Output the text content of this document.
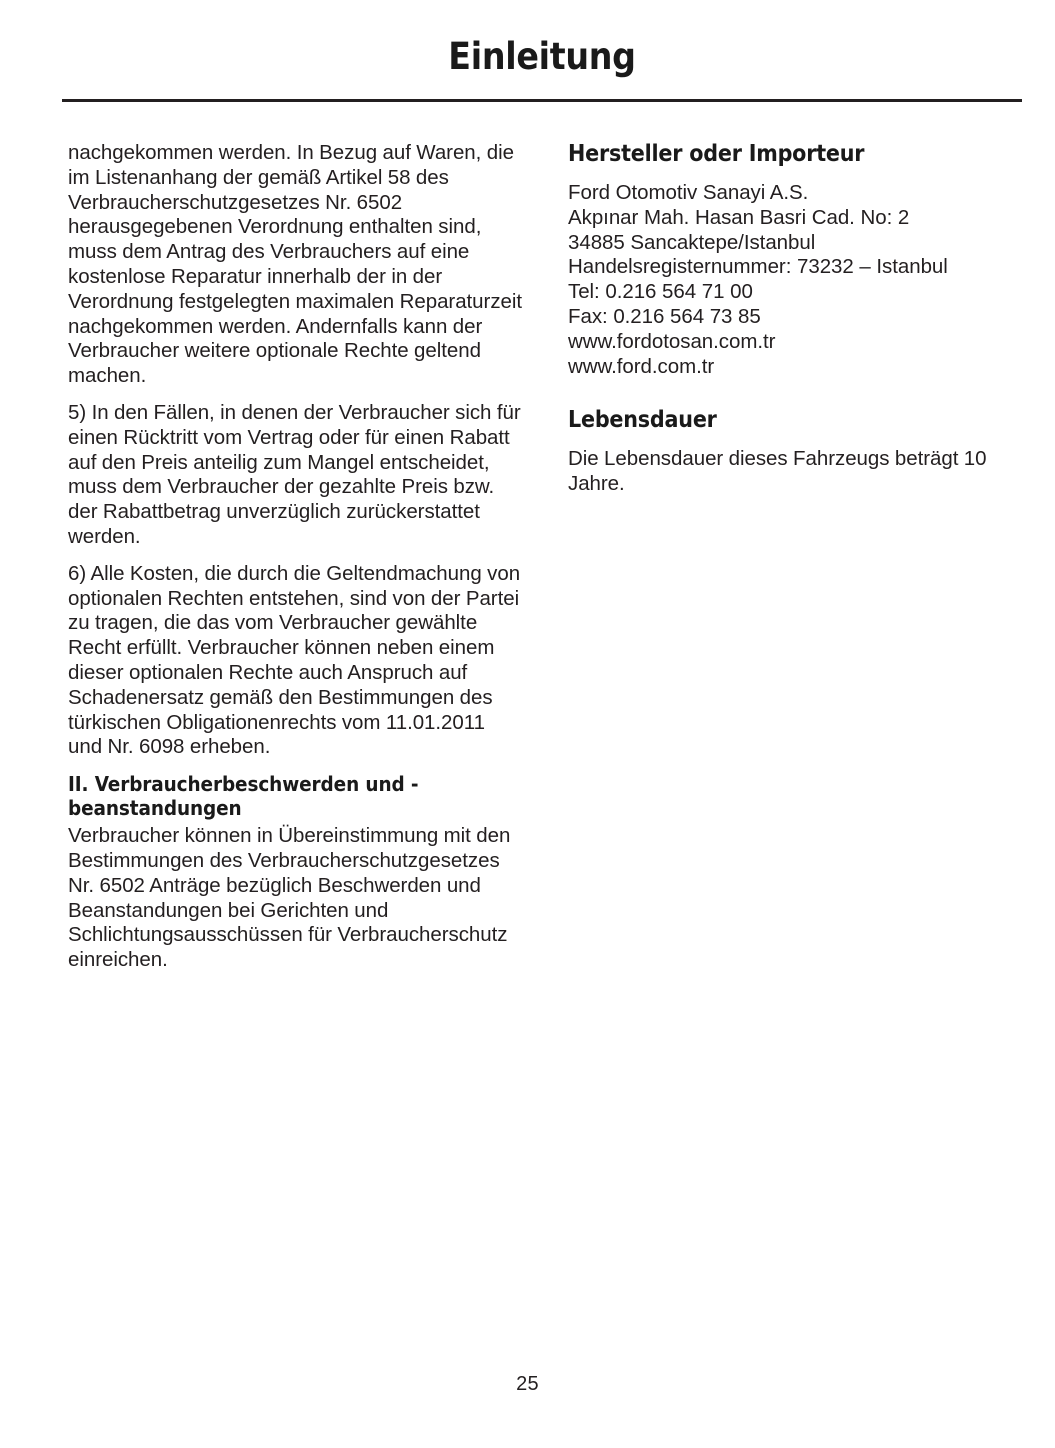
Einleitung

nachgekommen werden. In Bezug auf Waren, die im Listenanhang der gemäß Artikel 58 des Verbraucherschutzgesetzes Nr. 6502 herausgegebenen Verordnung enthalten sind, muss dem Antrag des Verbrauchers auf eine kostenlose Reparatur innerhalb der in der Verordnung festgelegten maximalen Reparaturzeit nachgekommen werden. Andernfalls kann der Verbraucher weitere optionale Rechte geltend machen.

5) In den Fällen, in denen der Verbraucher sich für einen Rücktritt vom Vertrag oder für einen Rabatt auf den Preis anteilig zum Mangel entscheidet, muss dem Verbraucher der gezahlte Preis bzw. der Rabattbetrag unverzüglich zurückerstattet werden.

6) Alle Kosten, die durch die Geltendmachung von optionalen Rechten entstehen, sind von der Partei zu tragen, die das vom Verbraucher gewählte Recht erfüllt. Verbraucher können neben einem dieser optionalen Rechte auch Anspruch auf Schadenersatz gemäß den Bestimmungen des türkischen Obligationenrechts vom 11.01.2011 und Nr. 6098 erheben.

II. Verbraucherbeschwerden und -beanstandungen

Verbraucher können in Übereinstimmung mit den Bestimmungen des Verbraucherschutzgesetzes Nr. 6502 Anträge bezüglich Beschwerden und Beanstandungen bei Gerichten und Schlichtungsausschüssen für Verbraucherschutz einreichen.

Hersteller oder Importeur
Ford Otomotiv Sanayi A.S.
Akpınar Mah. Hasan Basri Cad. No: 2
34885 Sancaktepe/Istanbul
Handelsregisternummer: 73232 – Istanbul
Tel: 0.216 564 71 00
Fax: 0.216 564 73 85
www.fordotosan.com.tr
www.ford.com.tr
Lebensdauer

Die Lebensdauer dieses Fahrzeugs beträgt 10 Jahre.

25
